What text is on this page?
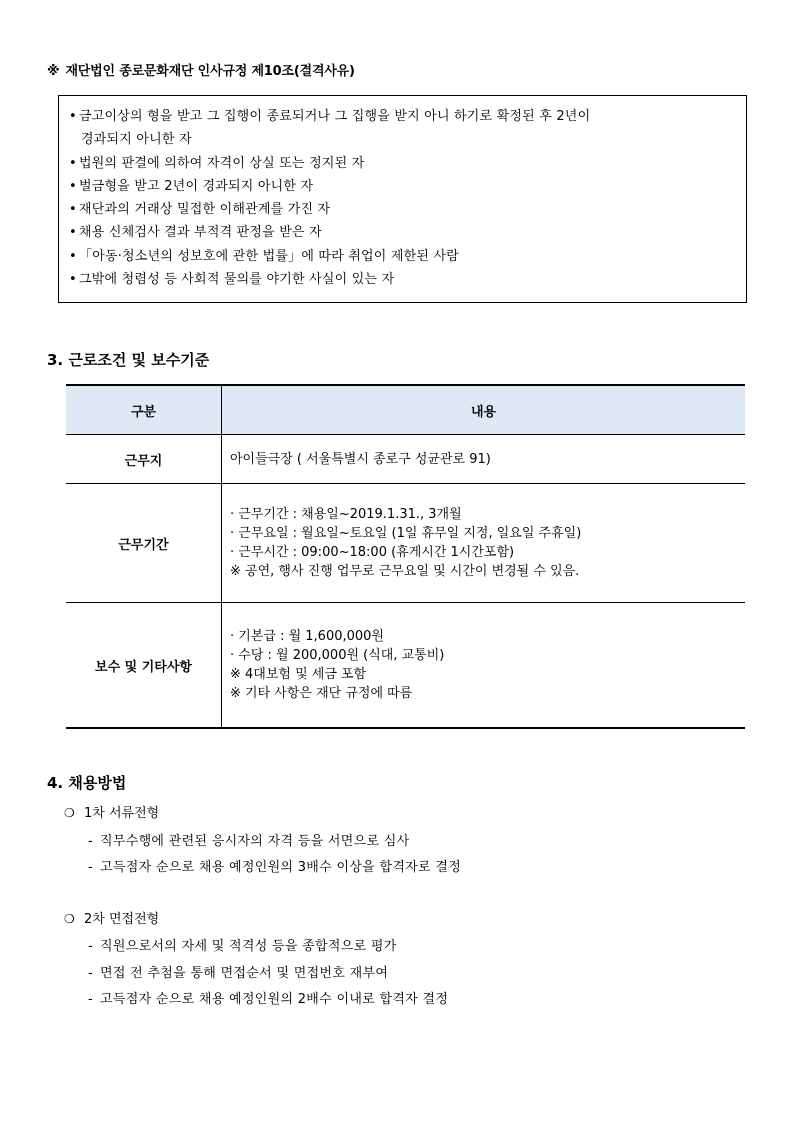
※ 재단법인 종로문화재단 인사규정 제10조(결격사유)
• 금고이상의 형을 받고 그 집행이 종료되거나 그 집행을 받지 아니 하기로 확정된 후 2년이
경과되지 아니한 자
• 법원의 판결에 의하여 자격이 상실 또는 정지된 자
• 벌금형을 받고 2년이 경과되지 아니한 자
• 재단과의 거래상 밀접한 이해관계를 가진 자
• 채용 신체검사 결과 부적격 판정을 받은 자
• 「아동·청소년의 성보호에 관한 법률」에 따라 취업이 제한된 사람
• 그밖에 청렴성 등 사회적 물의를 야기한 사실이 있는 자
3. 근로조건 및 보수기준
구분	내용
근무지	아이들극장 ( 서울특별시 종로구 성균관로 91)

근무기간	· 근무기간 : 채용일~2019.1.31., 3개월
· 근무요일 : 월요일~토요일 (1일 휴무일 지정, 일요일 주휴일)
· 근무시간 : 09:00~18:00 (휴게시간 1시간포함)
※ 공연, 행사 진행 업무로 근무요일 및 시간이 변경될 수 있음.

보수 및 기타사항	· 기본급 : 월 1,600,000원
· 수당 : 월 200,000원 (식대, 교통비)
※ 4대보험 및 세금 포함
※ 기타 사항은 재단 규정에 따름
4. 채용방법
❍ 1차 서류전형
- 직무수행에 관련된 응시자의 자격 등을 서면으로 심사
- 고득점자 순으로 채용 예정인원의 3배수 이상을 합격자로 결정
❍ 2차 면접전형
- 직원으로서의 자세 및 적격성 등을 종합적으로 평가
- 면접 전 추첨을 통해 면접순서 및 면접번호 재부여
- 고득점자 순으로 채용 예정인원의 2배수 이내로 합격자 결정
